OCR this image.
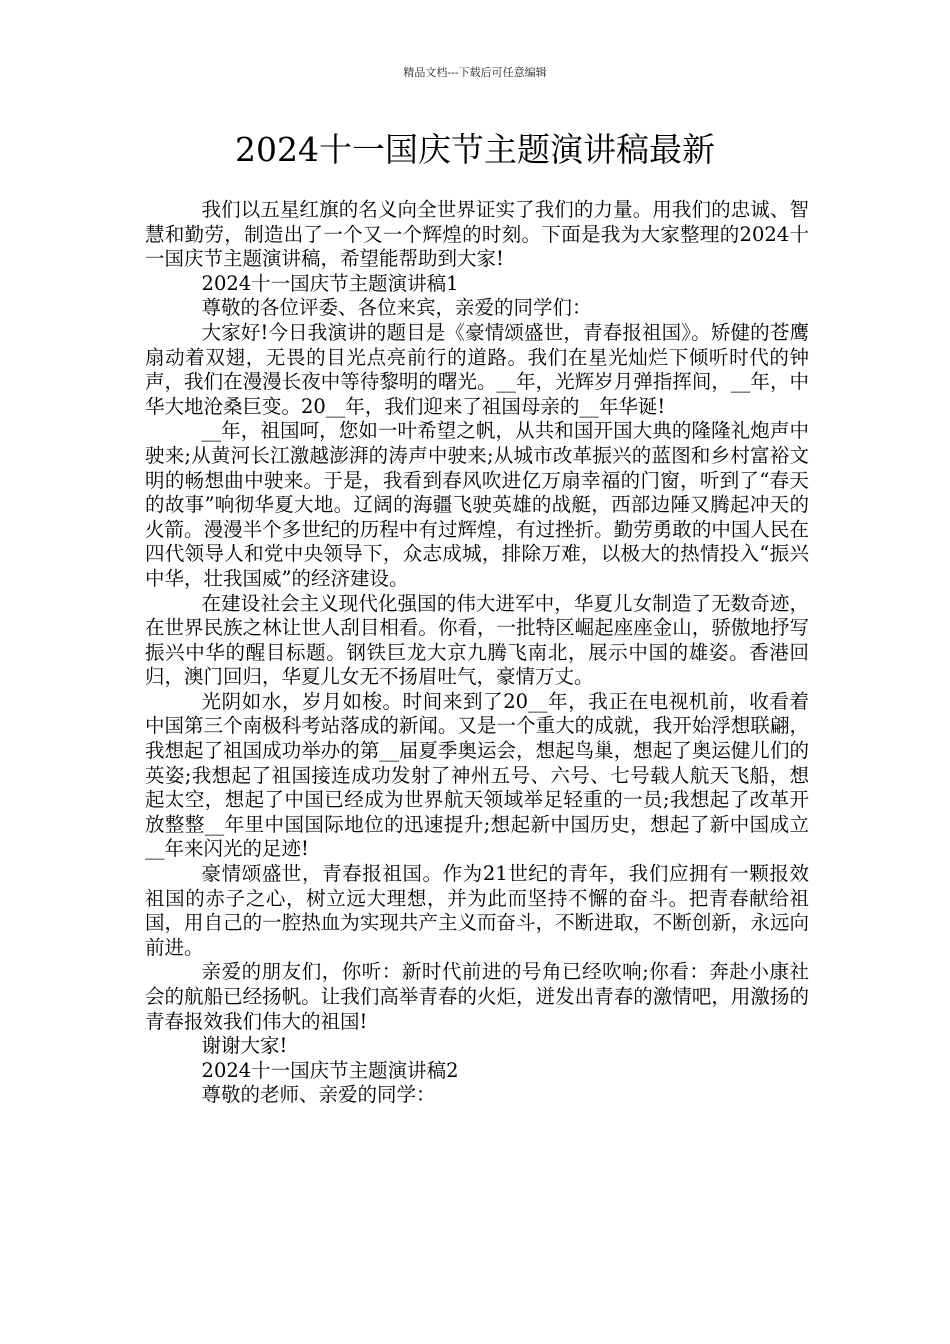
精品文档---下载后可任意编辑
2024十一国庆节主题演讲稿最新

我们以五星红旗的名义向全世界证实了我们的力量。用我们的忠诚、智慧和勤劳，制造出了一个又一个辉煌的时刻。下面是我为大家整理的2024十一国庆节主题演讲稿，希望能帮助到大家!

2024十一国庆节主题演讲稿1

尊敬的各位评委、各位来宾，亲爱的同学们：

大家好!今日我演讲的题目是《豪情颂盛世，青春报祖国》。矫健的苍鹰扇动着双翅，无畏的目光点亮前行的道路。我们在星光灿烂下倾听时代的钟声，我们在漫漫长夜中等待黎明的曙光。__年，光辉岁月弹指挥间，__年，中华大地沧桑巨变。20__年，我们迎来了祖国母亲的__年华诞!

__年，祖国呵，您如一叶希望之帆，从共和国开国大典的隆隆礼炮声中驶来;从黄河长江激越澎湃的涛声中驶来;从城市改革振兴的蓝图和乡村富裕文明的畅想曲中驶来。于是，我看到春风吹进亿万扇幸福的门窗，听到了“春天的故事”响彻华夏大地。辽阔的海疆飞驶英雄的战艇，西部边陲又腾起冲天的火箭。漫漫半个多世纪的历程中有过辉煌，有过挫折。勤劳勇敢的中国人民在四代领导人和党中央领导下，众志成城，排除万难，以极大的热情投入“振兴中华，壮我国威”的经济建设。

在建设社会主义现代化强国的伟大进军中，华夏儿女制造了无数奇迹，在世界民族之林让世人刮目相看。你看，一批特区崛起座座金山，骄傲地抒写振兴中华的醒目标题。钢铁巨龙大京九腾飞南北，展示中国的雄姿。香港回归，澳门回归，华夏儿女无不扬眉吐气，豪情万丈。

光阴如水，岁月如梭。时间来到了20__年，我正在电视机前，收看着中国第三个南极科考站落成的新闻。又是一个重大的成就，我开始浮想联翩，我想起了祖国成功举办的第__届夏季奥运会，想起鸟巢，想起了奥运健儿们的英姿;我想起了祖国接连成功发射了神州五号、六号、七号载人航天飞船，想起太空，想起了中国已经成为世界航天领域举足轻重的一员;我想起了改革开放整整__年里中国国际地位的迅速提升;想起新中国历史，想起了新中国成立__年来闪光的足迹!

豪情颂盛世，青春报祖国。作为21世纪的青年，我们应拥有一颗报效祖国的赤子之心，树立远大理想，并为此而坚持不懈的奋斗。把青春献给祖国，用自己的一腔热血为实现共产主义而奋斗，不断进取，不断创新，永远向前进。

亲爱的朋友们，你听：新时代前进的号角已经吹响;你看：奔赴小康社会的航船已经扬帆。让我们高举青春的火炬，迸发出青春的激情吧，用激扬的青春报效我们伟大的祖国!

谢谢大家!

2024十一国庆节主题演讲稿2

尊敬的老师、亲爱的同学：
